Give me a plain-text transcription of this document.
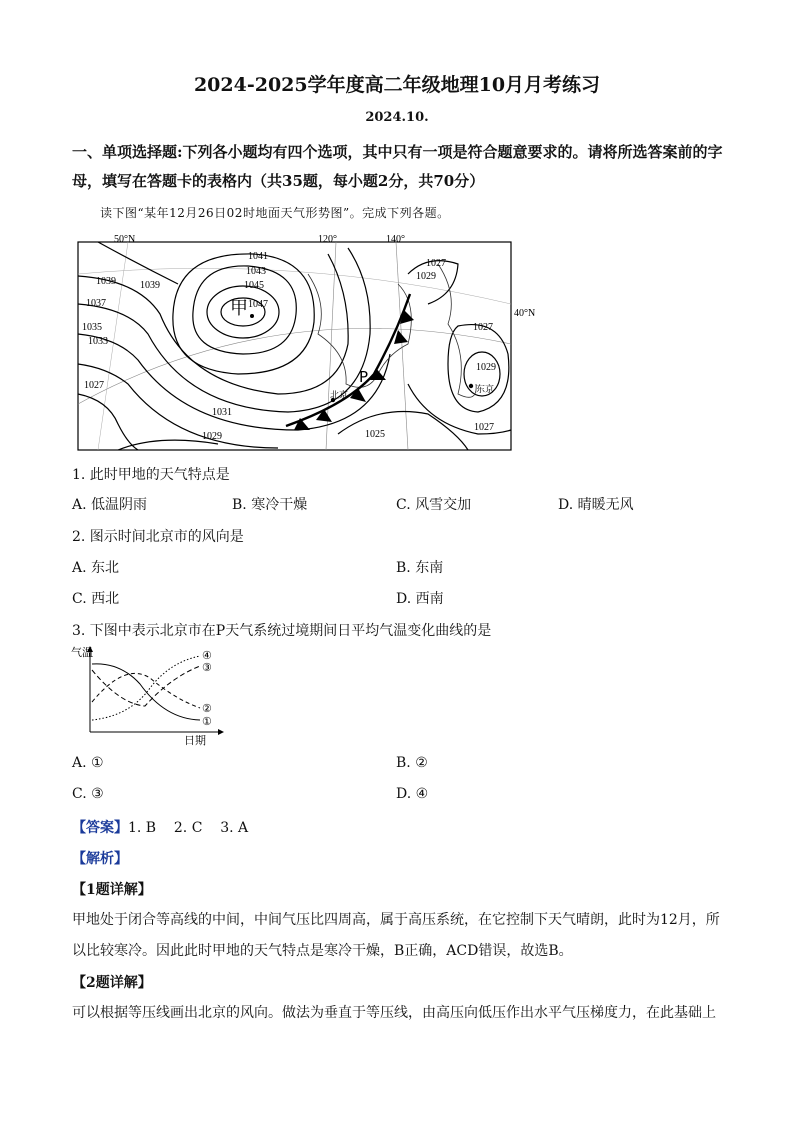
2024-2025学年度高二年级地理10月月考练习
2024.10.
一、单项选择题:下列各小题均有四个选项，其中只有一项是符合题意要求的。请将所选答案前的字母，填写在答题卡的表格内（共35题，每小题2分，共70分）
读下图“某年12月26日02时地面天气形势图”。完成下列各题。
50°N	120°	140°
40°N
1041
1043
1045
1047
1039 1039
1037
1035
1033
1027
1031
1029
1027
1029
1027
1029
1027
1025
北京
东京
甲
P
1. 此时甲地的天气特点是
A. 低温阴雨	B. 寒冷干燥	C. 风雪交加	D. 晴暖无风
2. 图示时间北京市的风向是
A. 东北	B. 东南
C. 西北	D. 西南
3. 下图中表示北京市在P天气系统过境期间日平均气温变化曲线的是
气温
日期
④
③
②
①
A. ①	B. ②
C. ③	D. ④
【答案】1. B    2. C    3. A
【解析】
【1题详解】
甲地处于闭合等高线的中间，中间气压比四周高，属于高压系统，在它控制下天气晴朗，此时为12月，所以比较寒冷。因此此时甲地的天气特点是寒冷干燥，B正确，ACD错误，故选B。
【2题详解】
可以根据等压线画出北京的风向。做法为垂直于等压线，由高压向低压作出水平气压梯度力，在此基础上
